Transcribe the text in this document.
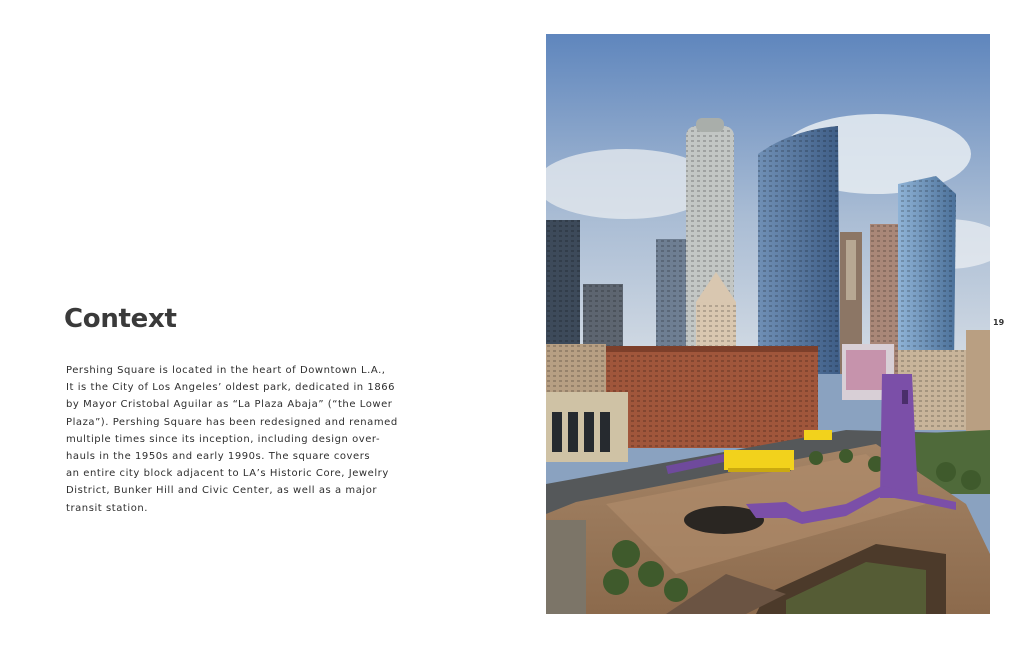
Context
Pershing Square is located in the heart of Downtown L.A.,
It is the City of Los Angeles’ oldest park, dedicated in 1866
by Mayor Cristobal Aguilar as “La Plaza Abaja” (“the Lower
Plaza”). Pershing Square has been redesigned and renamed
multiple times since its inception, including design over-
hauls in the 1950s and early 1990s. The square covers
an entire city block adjacent to LA’s Historic Core, Jewelry
District, Bunker Hill and Civic Center, as well as a major
transit station.
19
